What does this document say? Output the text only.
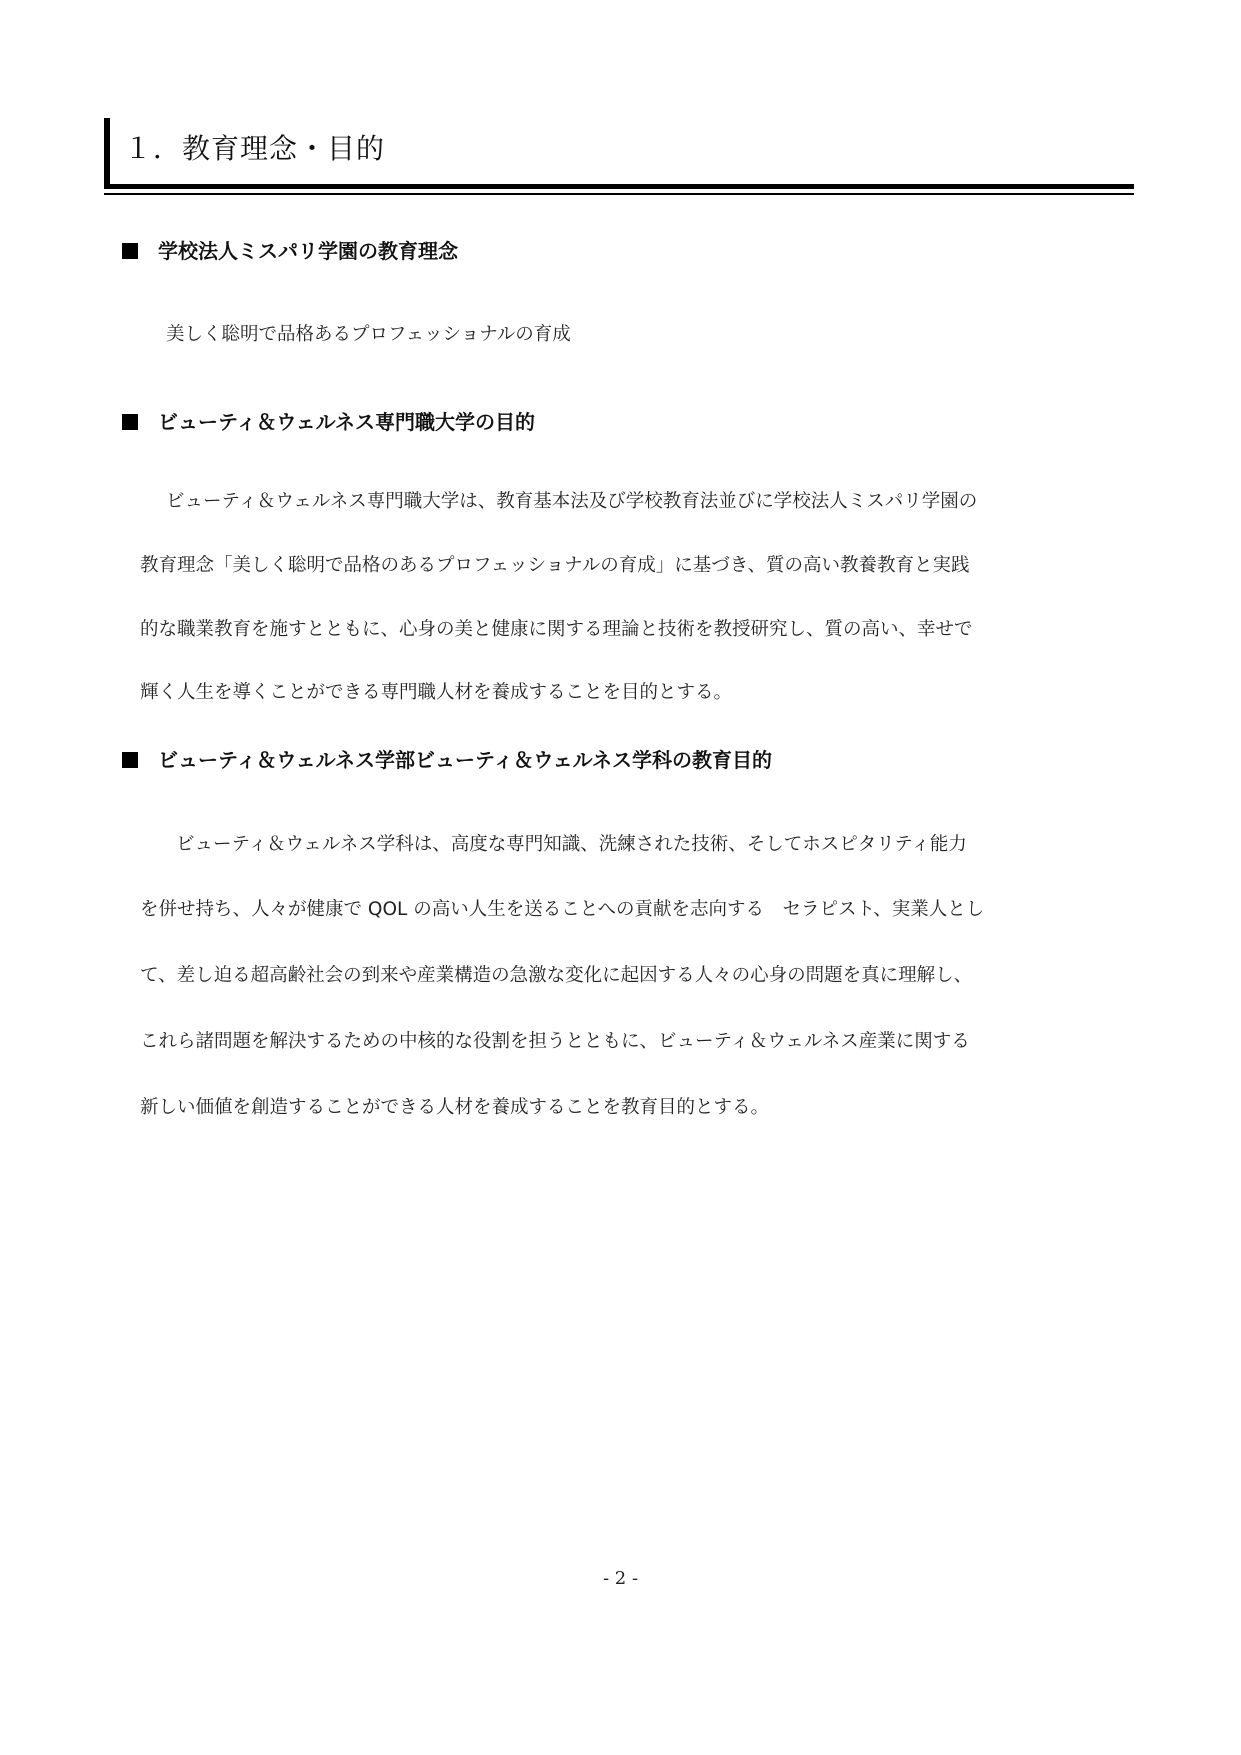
１．教育理念・目的
学校法人ミスパリ学園の教育理念
美しく聡明で品格あるプロフェッショナルの育成
ビューティ＆ウェルネス専門職大学の目的
ビューティ＆ウェルネス専門職大学は、教育基本法及び学校教育法並びに学校法人ミスパリ学園の
教育理念「美しく聡明で品格のあるプロフェッショナルの育成」に基づき、質の高い教養教育と実践
的な職業教育を施すとともに、心身の美と健康に関する理論と技術を教授研究し、質の高い、幸せで
輝く人生を導くことができる専門職人材を養成することを目的とする。
ビューティ＆ウェルネス学部ビューティ＆ウェルネス学科の教育目的
ビューティ＆ウェルネス学科は、高度な専門知識、洗練された技術、そしてホスピタリティ能力
を併せ持ち、人々が健康で QOL の高い人生を送ることへの貢献を志向する　セラピスト、実業人とし
て、差し迫る超高齢社会の到来や産業構造の急激な変化に起因する人々の心身の問題を真に理解し、
これら諸問題を解決するための中核的な役割を担うとともに、ビューティ＆ウェルネス産業に関する
新しい価値を創造することができる人材を養成することを教育目的とする。
- 2 -
